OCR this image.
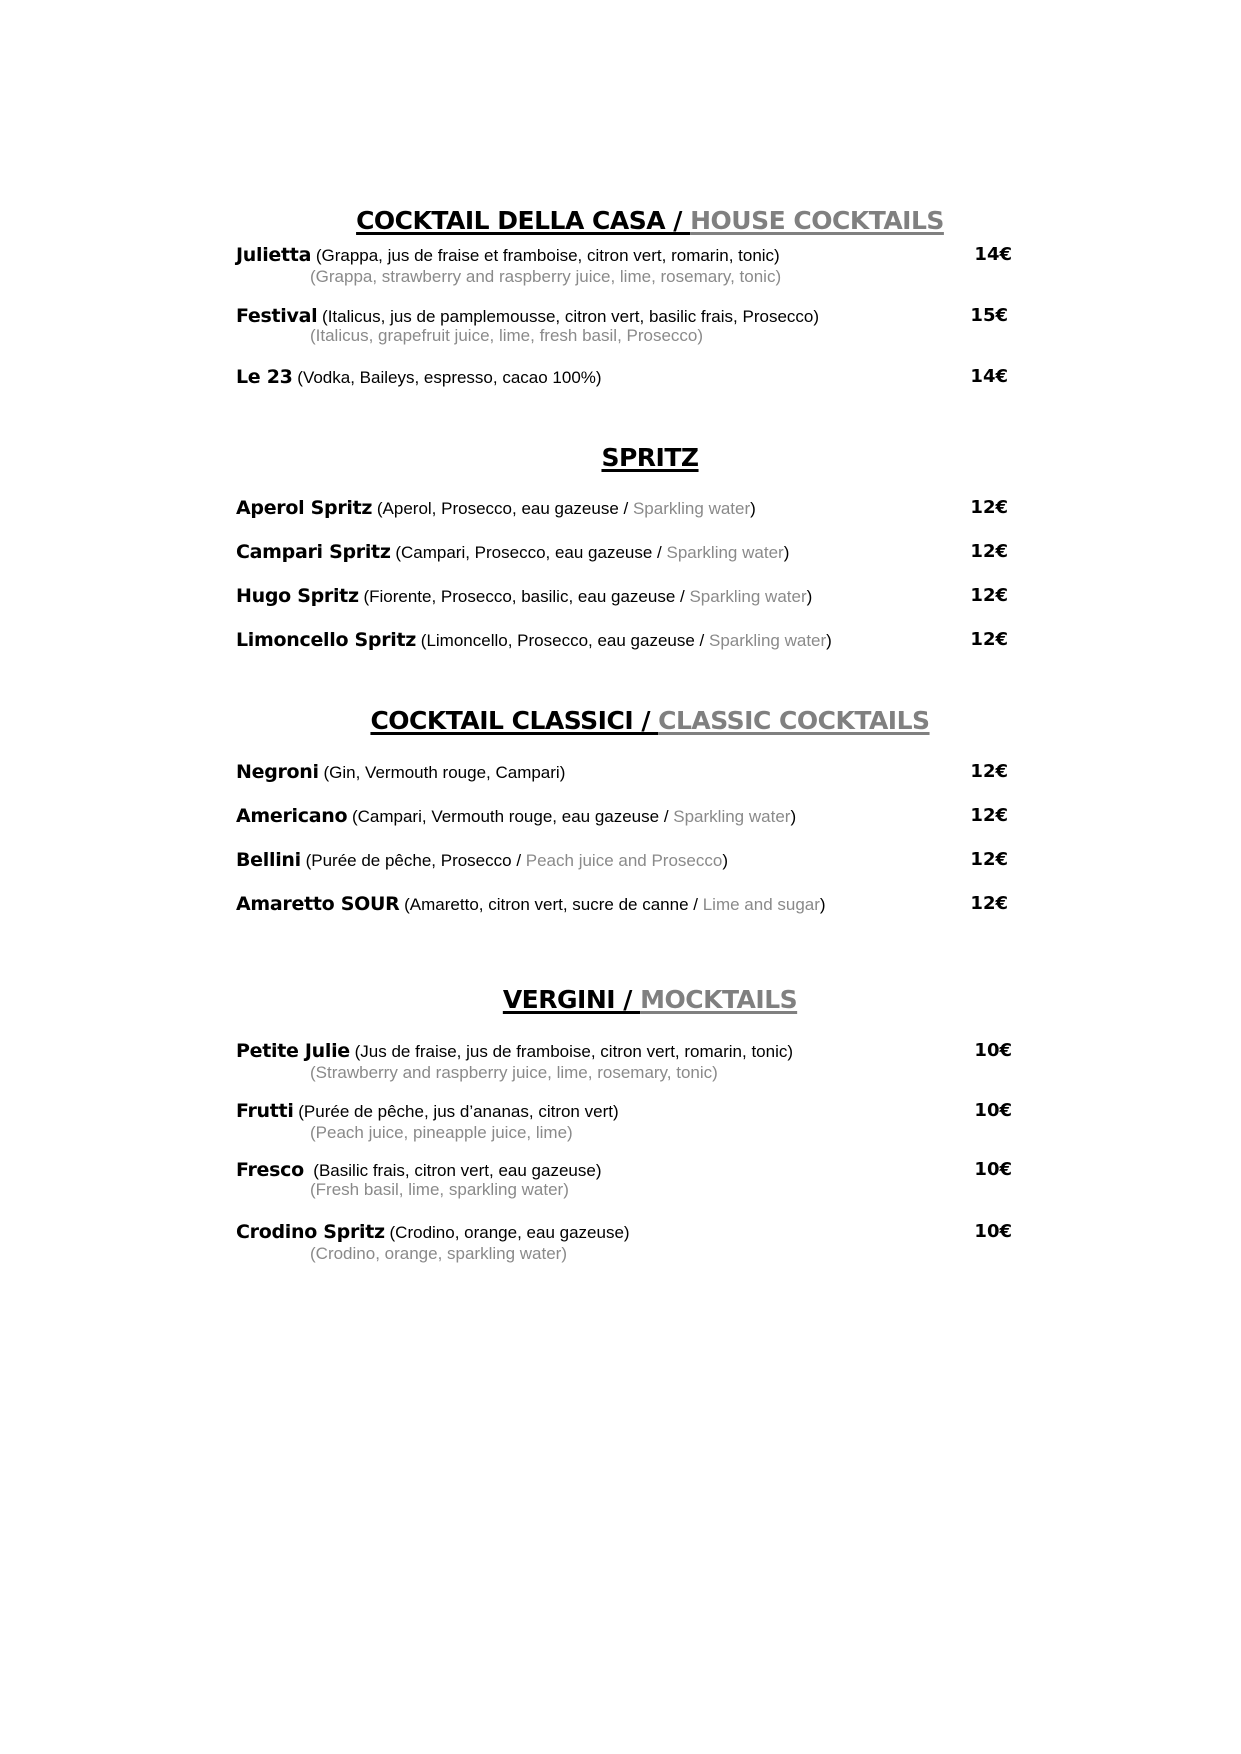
COCKTAIL DELLA CASA / HOUSE COCKTAILS
Julietta (Grappa, jus de fraise et framboise, citron vert, romarin, tonic)
(Grappa, strawberry and raspberry juice, lime, rosemary, tonic)
14€
Festival (Italicus, jus de pamplemousse, citron vert, basilic frais, Prosecco)
(Italicus, grapefruit juice, lime, fresh basil, Prosecco)
15€
Le 23 (Vodka, Baileys, espresso, cacao 100%)	14€
SPRITZ
Aperol Spritz (Aperol, Prosecco, eau gazeuse / Sparkling water)	12€
Campari Spritz (Campari, Prosecco, eau gazeuse / Sparkling water)	12€
Hugo Spritz (Fiorente, Prosecco, basilic, eau gazeuse / Sparkling water)	12€
Limoncello Spritz (Limoncello, Prosecco, eau gazeuse / Sparkling water)	12€
COCKTAIL CLASSICI / CLASSIC COCKTAILS
Negroni (Gin, Vermouth rouge, Campari)	12€
Americano (Campari, Vermouth rouge, eau gazeuse / Sparkling water)	12€
Bellini (Purée de pêche, Prosecco / Peach juice and Prosecco)	12€
Amaretto SOUR (Amaretto, citron vert, sucre de canne / Lime and sugar)	12€
VERGINI / MOCKTAILS
Petite Julie (Jus de fraise, jus de framboise, citron vert, romarin, tonic)
(Strawberry and raspberry juice, lime, rosemary, tonic)
10€
Frutti (Purée de pêche, jus d’ananas, citron vert)
(Peach juice, pineapple juice, lime)
10€
Fresco  (Basilic frais, citron vert, eau gazeuse)
(Fresh basil, lime, sparkling water)
10€
Crodino Spritz (Crodino, orange, eau gazeuse)
(Crodino, orange, sparkling water)
10€
